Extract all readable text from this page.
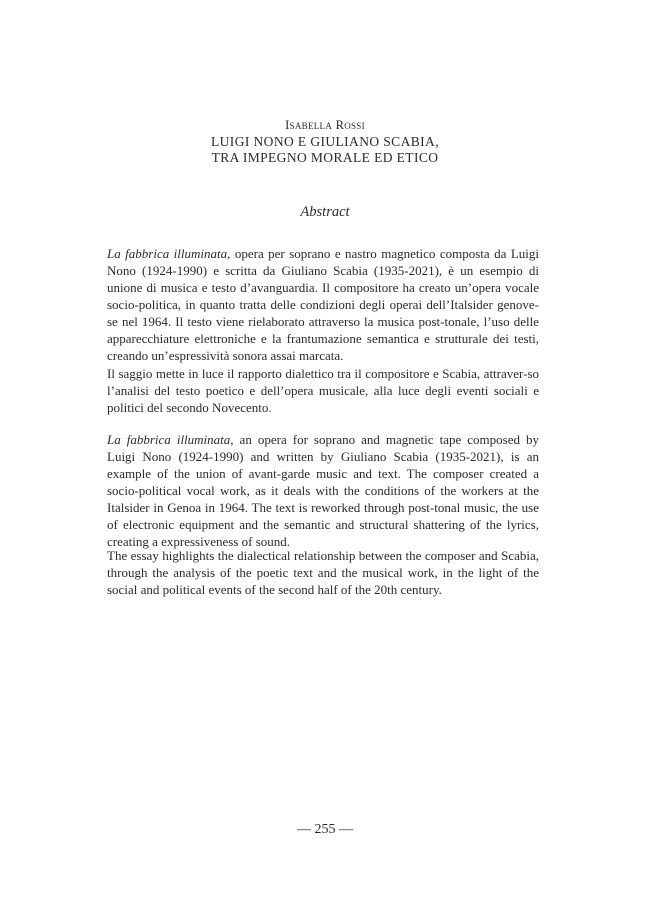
Isabella Rossi
LUIGI NONO E GIULIANO SCABIA,
TRA IMPEGNO MORALE ED ETICO
Abstract

La fabbrica illuminata, opera per soprano e nastro magnetico composta da Luigi Nono (1924-1990) e scritta da Giuliano Scabia (1935-2021), è un esempio di unione di musica e testo d’avanguardia. Il compositore ha creato un’opera vocale socio-politica, in quanto tratta delle condizioni degli operai dell’Italsider genove-se nel 1964. Il testo viene rielaborato attraverso la musica post-tonale, l’uso delle apparecchiature elettroniche e la frantumazione semantica e strutturale dei testi, creando un’espressività sonora assai marcata.

Il saggio mette in luce il rapporto dialettico tra il compositore e Scabia, attraver-so l’analisi del testo poetico e dell’opera musicale, alla luce degli eventi sociali e politici del secondo Novecento.

La fabbrica illuminata, an opera for soprano and magnetic tape composed by Luigi Nono (1924-1990) and written by Giuliano Scabia (1935-2021), is an example of the union of avant-garde music and text. The composer created a socio-political vocal work, as it deals with the conditions of the workers at the Italsider in Genoa in 1964. The text is reworked through post-tonal music, the use of electronic equipment and the semantic and structural shattering of the lyrics, creating a expressiveness of sound.

The essay highlights the dialectical relationship between the composer and Scabia, through the analysis of the poetic text and the musical work, in the light of the social and political events of the second half of the 20th century.

— 255 —
